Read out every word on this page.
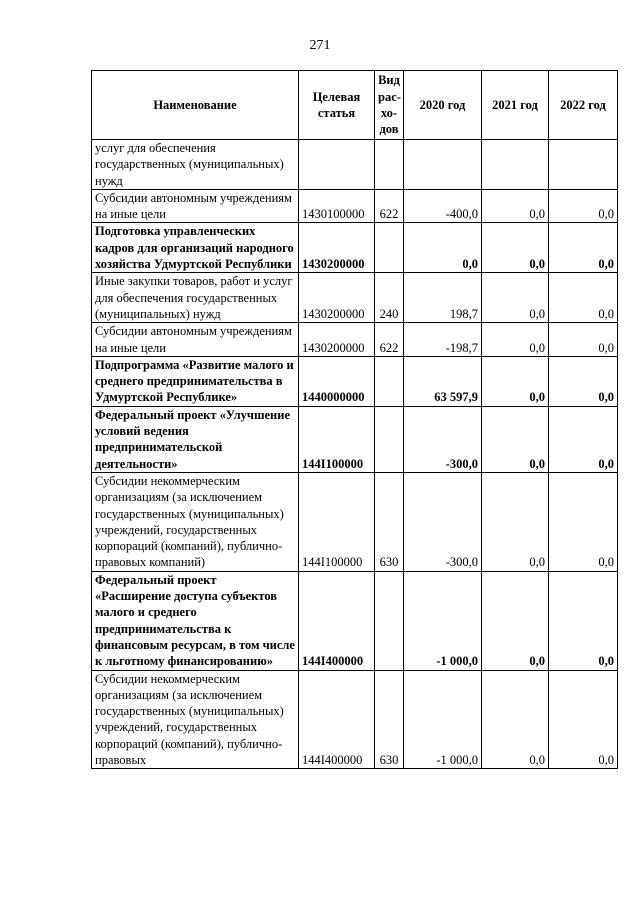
271
Наименование	Целевая статья	Вид рас-хо-дов	2020 год	2021 год	2022 год
услуг для обеспечения государственных (муниципальных) нужд					
Субсидии автономным учреждениям на иные цели	1430100000	622	-400,0	0,0	0,0
Подготовка управленческих кадров для организаций народного хозяйства Удмуртской Республики	1430200000		0,0	0,0	0,0
Иные закупки товаров, работ и услуг для обеспечения государственных (муниципальных) нужд	1430200000	240	198,7	0,0	0,0
Субсидии автономным учреждениям на иные цели	1430200000	622	-198,7	0,0	0,0
Подпрограмма «Развитие малого и среднего предпринимательства в Удмуртской Республике»	1440000000		63 597,9	0,0	0,0
Федеральный проект «Улучшение условий ведения предпринимательской деятельности»	144I100000		-300,0	0,0	0,0
Субсидии некоммерческим организациям (за исключением государственных (муниципальных) учреждений, государственных корпораций (компаний), публично-правовых компаний)	144I100000	630	-300,0	0,0	0,0
Федеральный проект «Расширение доступа субъектов малого и среднего предпринимательства к финансовым ресурсам, в том числе к льготному финансированию»	144I400000		-1 000,0	0,0	0,0
Субсидии некоммерческим организациям (за исключением государственных (муниципальных) учреждений, государственных корпораций (компаний), публично-правовых	144I400000	630	-1 000,0	0,0	0,0
